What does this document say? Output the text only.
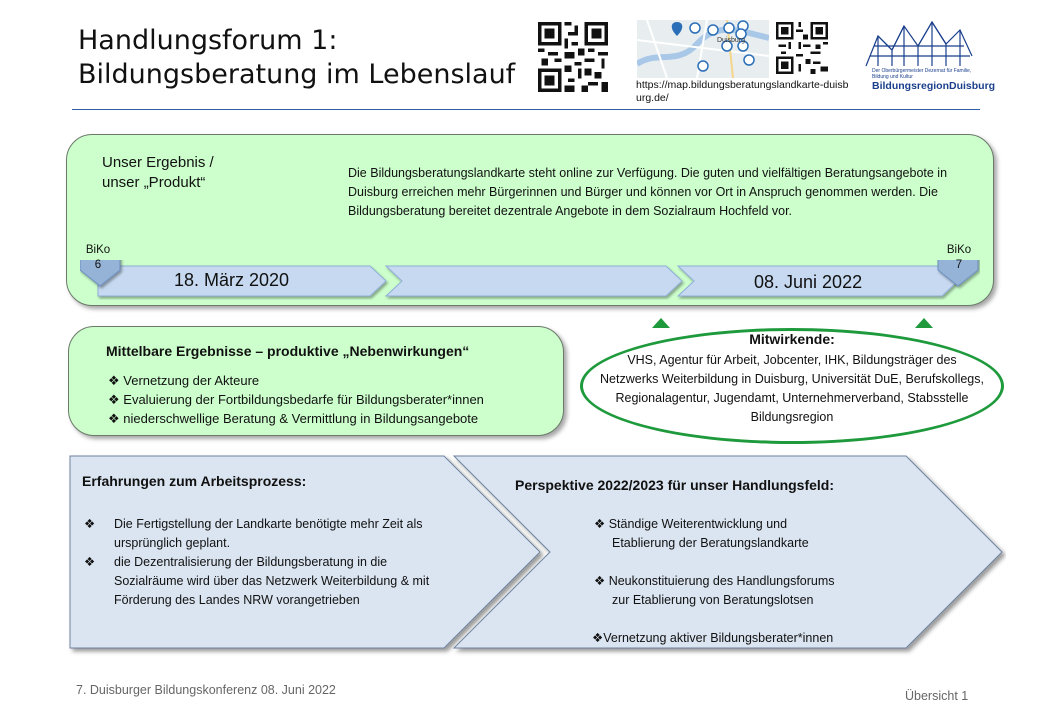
Handlungsforum 1:
Bildungsberatung im Lebenslauf
Duisburg
https://map.bildungsberatungslandkarte-duisburg.de/
Der Oberbürgermeister Dezernat für Familie, Bildung und Kultur
BildungsregionDuisburg
Unser Ergebnis /
unser „Produkt“
Die Bildungsberatungslandkarte steht online zur Verfügung. Die guten und vielfältigen Beratungsangebote in Duisburg erreichen mehr Bürgerinnen und Bürger und können vor Ort in Anspruch genommen werden. Die Bildungsberatung bereitet dezentrale Angebote in dem Sozialraum Hochfeld vor.
BiKo
6
BiKo
7
18. März 2020	08. Juni 2022
Mittelbare Ergebnisse – produktive „Nebenwirkungen“
❖ Vernetzung der Akteure
❖ Evaluierung der Fortbildungsbedarfe für Bildungsberater*innen
❖ niederschwellige Beratung & Vermittlung in Bildungsangebote
Mitwirkende:
VHS, Agentur für Arbeit, Jobcenter, IHK, Bildungsträger des Netzwerks Weiterbildung in Duisburg, Universität DuE, Berufskollegs, Regionalagentur, Jugendamt, Unternehmerverband, Stabsstelle Bildungsregion
Erfahrungen zum Arbeitsprozess:
❖ Die Fertigstellung der Landkarte benötigte mehr Zeit als ursprünglich geplant.
❖ die Dezentralisierung der Bildungsberatung in die Sozialräume wird über das Netzwerk Weiterbildung & mit Förderung des Landes NRW vorangetrieben
Perspektive 2022/2023 für unser Handlungsfeld:
❖ Ständige Weiterentwicklung und
Etablierung der Beratungslandkarte
❖ Neukonstituierung des Handlungsforums
zur Etablierung von Beratungslotsen
❖Vernetzung aktiver Bildungsberater*innen
7. Duisburger Bildungskonferenz 08. Juni 2022	Übersicht 1
